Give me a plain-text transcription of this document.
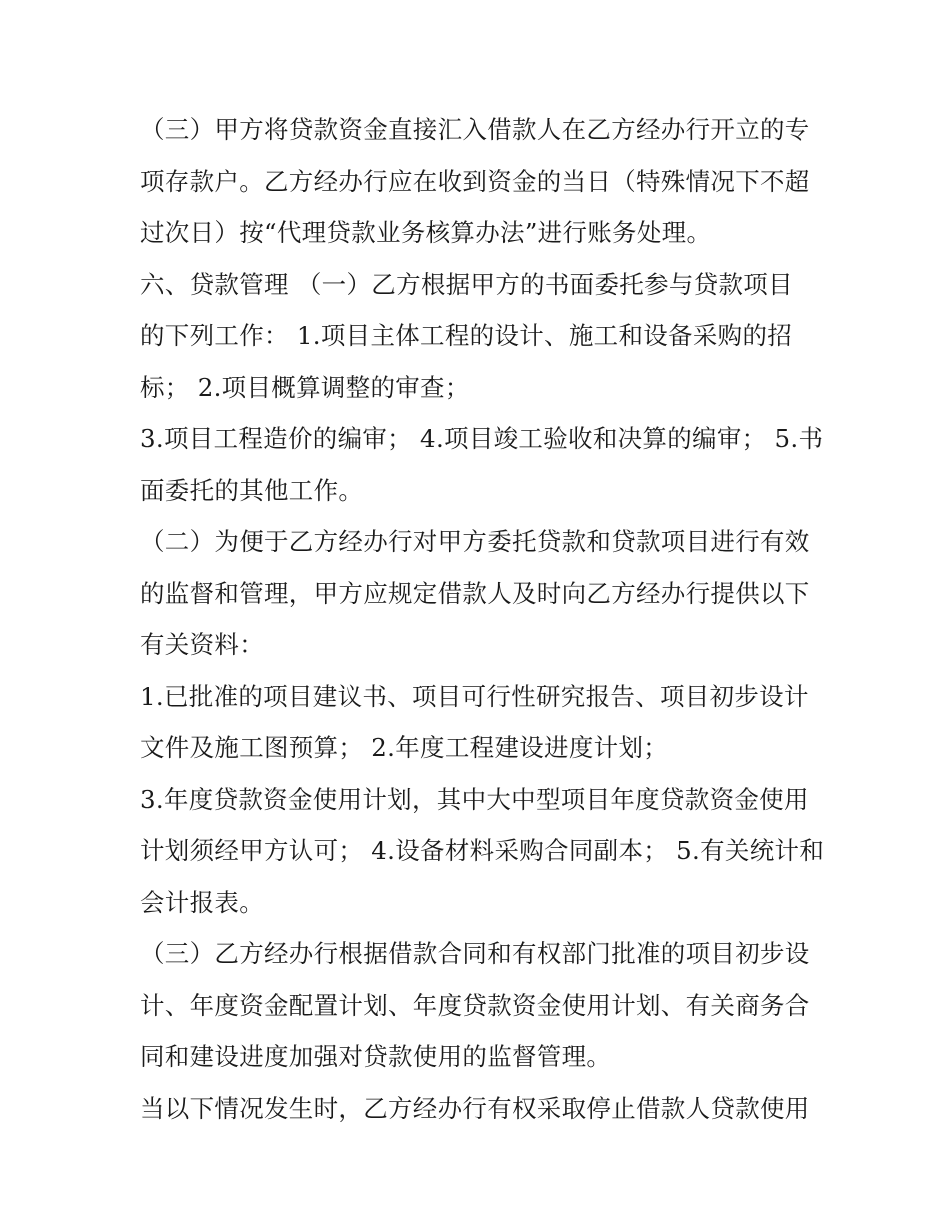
（三）甲方将贷款资金直接汇入借款人在乙方经办行开立的专
项存款户。乙方经办行应在收到资金的当日（特殊情况下不超
过次日）按“代理贷款业务核算办法”进行账务处理。

六、贷款管理 （一）乙方根据甲方的书面委托参与贷款项目
的下列工作： 1.项目主体工程的设计、施工和设备采购的招
标； 2.项目概算调整的审查；

3.项目工程造价的编审； 4.项目竣工验收和决算的编审； 5.书
面委托的其他工作。

（二）为便于乙方经办行对甲方委托贷款和贷款项目进行有效
的监督和管理，甲方应规定借款人及时向乙方经办行提供以下
有关资料：

1.已批准的项目建议书、项目可行性研究报告、项目初步设计
文件及施工图预算； 2.年度工程建设进度计划；

3.年度贷款资金使用计划，其中大中型项目年度贷款资金使用
计划须经甲方认可； 4.设备材料采购合同副本； 5.有关统计和
会计报表。

（三）乙方经办行根据借款合同和有权部门批准的项目初步设
计、年度资金配置计划、年度贷款资金使用计划、有关商务合
同和建设进度加强对贷款使用的监督管理。

当以下情况发生时，乙方经办行有权采取停止借款人贷款使用
